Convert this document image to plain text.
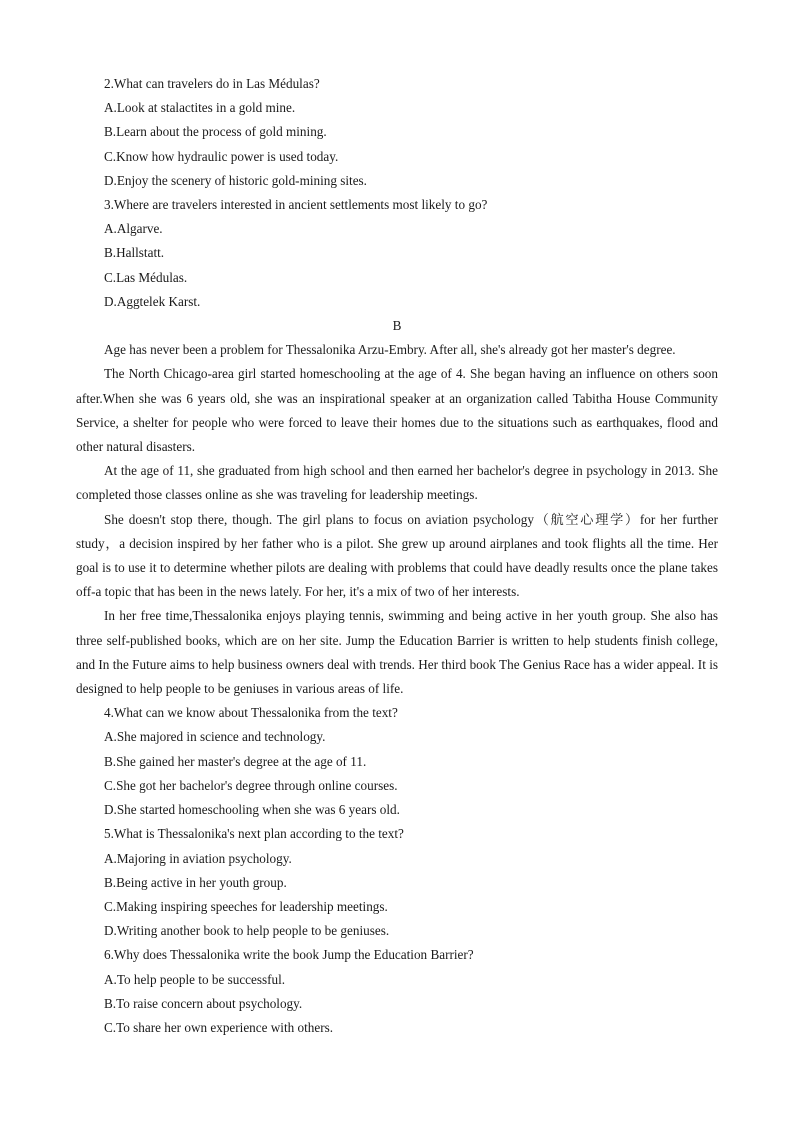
2.What can travelers do in Las Médulas?

A.Look at stalactites in a gold mine.

B.Learn about the process of gold mining.

C.Know how hydraulic power is used today.

D.Enjoy the scenery of historic gold-mining sites.

3.Where are travelers interested in ancient settlements most likely to go?

A.Algarve.

B.Hallstatt.

C.Las Médulas.

D.Aggtelek Karst.

B

Age has never been a problem for Thessalonika Arzu-Embry. After all, she's already got her master's degree.

The North Chicago-area girl started homeschooling at the age of 4. She began having an influence on others soon after.When she was 6 years old, she was an inspirational speaker at an organization called Tabitha House Community Service, a shelter for people who were forced to leave their homes due to the situations such as earthquakes, flood and other natural disasters.

At the age of 11, she graduated from high school and then earned her bachelor's degree in psychology in 2013. She completed those classes online as she was traveling for leadership meetings.

She doesn't stop there, though. The girl plans to focus on aviation psychology（航空心理学）for her further study，a decision inspired by her father who is a pilot. She grew up around airplanes and took flights all the time. Her goal is to use it to determine whether pilots are dealing with problems that could have deadly results once the plane takes off-a topic that has been in the news lately. For her, it's a mix of two of her interests.

In her free time,Thessalonika enjoys playing tennis, swimming and being active in her youth group. She also has three self-published books, which are on her site. Jump the Education Barrier is written to help students finish college, and In the Future aims to help business owners deal with trends. Her third book The Genius Race has a wider appeal. It is designed to help people to be geniuses in various areas of life.

4.What can we know about Thessalonika from the text?

A.She majored in science and technology.

B.She gained her master's degree at the age of 11.

C.She got her bachelor's degree through online courses.

D.She started homeschooling when she was 6 years old.

5.What is Thessalonika's next plan according to the text?

A.Majoring in aviation psychology.

B.Being active in her youth group.

C.Making inspiring speeches for leadership meetings.

D.Writing another book to help people to be geniuses.

6.Why does Thessalonika write the book Jump the Education Barrier?

A.To help people to be successful.

B.To raise concern about psychology.

C.To share her own experience with others.
